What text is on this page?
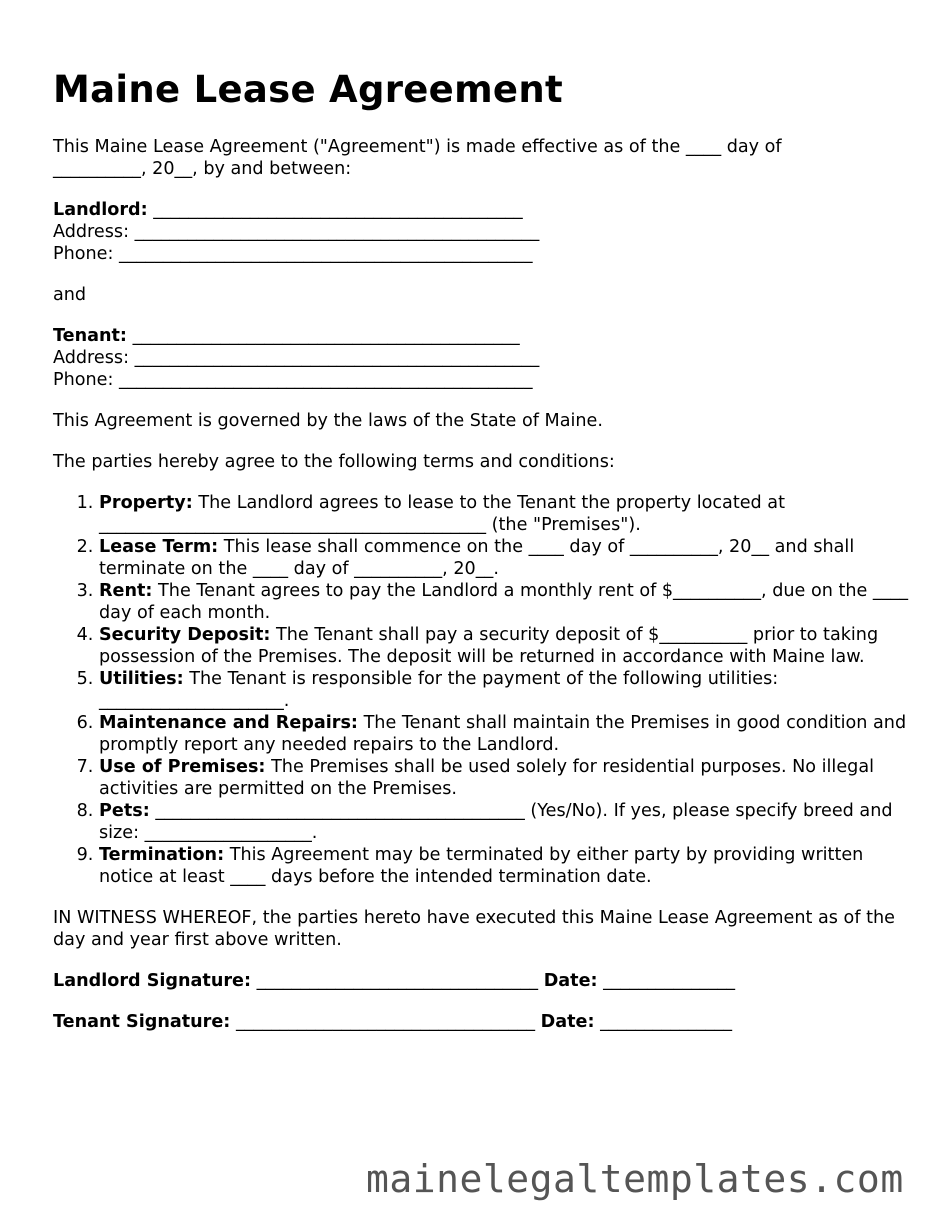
Maine Lease Agreement

This Maine Lease Agreement ("Agreement") is made effective as of the ____ day of
__________, 20__, by and between:

Landlord: __________________________________________
Address: ______________________________________________
Phone: _______________________________________________

and

Tenant: ____________________________________________
Address: ______________________________________________
Phone: _______________________________________________

This Agreement is governed by the laws of the State of Maine.

The parties hereby agree to the following terms and conditions:

1. Property: The Landlord agrees to lease to the Tenant the property located at ____________________________________________ (the "Premises").
2. Lease Term: This lease shall commence on the ____ day of __________, 20__ and shall terminate on the ____ day of __________, 20__.
3. Rent: The Tenant agrees to pay the Landlord a monthly rent of $__________, due on the ____ day of each month.
4. Security Deposit: The Tenant shall pay a security deposit of $__________ prior to taking possession of the Premises. The deposit will be returned in accordance with Maine law.
5. Utilities: The Tenant is responsible for the payment of the following utilities: _____________________.
6. Maintenance and Repairs: The Tenant shall maintain the Premises in good condition and promptly report any needed repairs to the Landlord.
7. Use of Premises: The Premises shall be used solely for residential purposes. No illegal activities are permitted on the Premises.
8. Pets: __________________________________________ (Yes/No). If yes, please specify breed and size: ___________________.
9. Termination: This Agreement may be terminated by either party by providing written notice at least ____ days before the intended termination date.

IN WITNESS WHEREOF, the parties hereto have executed this Maine Lease Agreement as of the day and year first above written.

Landlord Signature: ________________________________ Date: _______________

Tenant Signature: __________________________________ Date: _______________

mainelegaltemplates.com
